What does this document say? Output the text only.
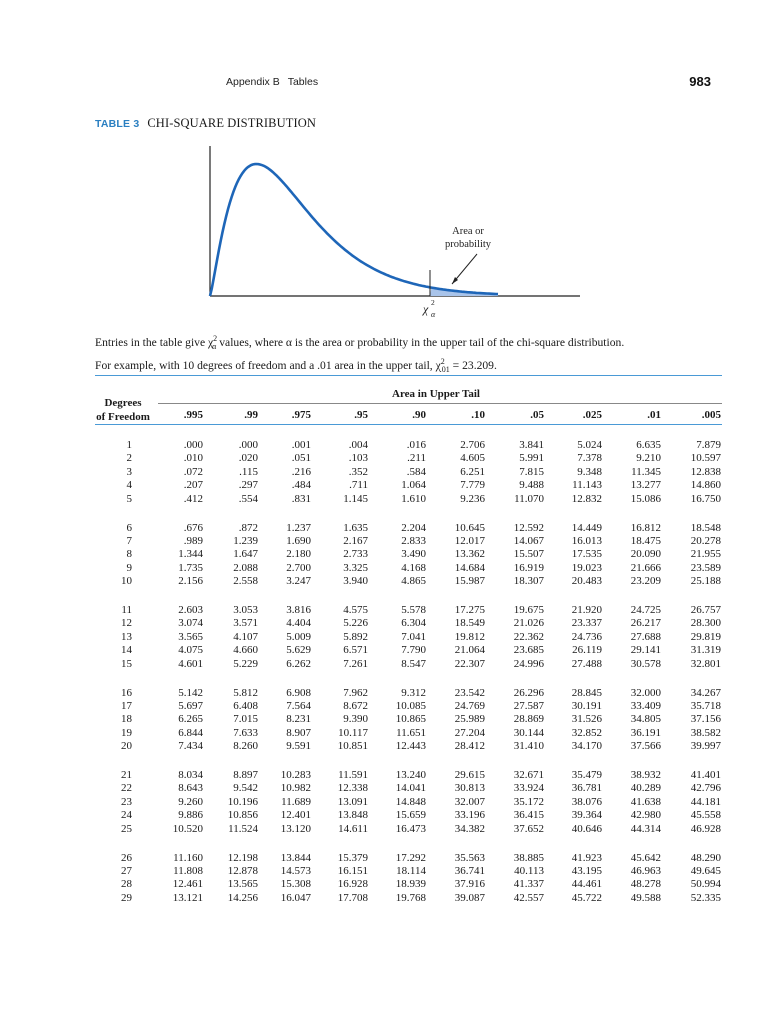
Appendix B Tables	983
TABLE 3 CHI-SQUARE DISTRIBUTION
Area or
probability
χ 2
α
Entries in the table give $\chi^2_\alpha$ values, where α is the area or probability in the upper tail of the chi-square distribution.
For example, with 10 degrees of freedom and a .01 area in the upper tail, $\chi^2_{.01} = 23.209$.
Area in Upper Tail
Degrees
of Freedom	.995	.99	.975	.95	.90	.10	.05	.025	.01	.005
1	.000	.000	.001	.004	.016	2.706	3.841	5.024	6.635	7.879
2	.010	.020	.051	.103	.211	4.605	5.991	7.378	9.210	10.597
3	.072	.115	.216	.352	.584	6.251	7.815	9.348	11.345	12.838
4	.207	.297	.484	.711	1.064	7.779	9.488	11.143	13.277	14.860
5	.412	.554	.831	1.145	1.610	9.236	11.070	12.832	15.086	16.750
6	.676	.872	1.237	1.635	2.204	10.645	12.592	14.449	16.812	18.548
7	.989	1.239	1.690	2.167	2.833	12.017	14.067	16.013	18.475	20.278
8	1.344	1.647	2.180	2.733	3.490	13.362	15.507	17.535	20.090	21.955
9	1.735	2.088	2.700	3.325	4.168	14.684	16.919	19.023	21.666	23.589
10	2.156	2.558	3.247	3.940	4.865	15.987	18.307	20.483	23.209	25.188
11	2.603	3.053	3.816	4.575	5.578	17.275	19.675	21.920	24.725	26.757
12	3.074	3.571	4.404	5.226	6.304	18.549	21.026	23.337	26.217	28.300
13	3.565	4.107	5.009	5.892	7.041	19.812	22.362	24.736	27.688	29.819
14	4.075	4.660	5.629	6.571	7.790	21.064	23.685	26.119	29.141	31.319
15	4.601	5.229	6.262	7.261	8.547	22.307	24.996	27.488	30.578	32.801
16	5.142	5.812	6.908	7.962	9.312	23.542	26.296	28.845	32.000	34.267
17	5.697	6.408	7.564	8.672	10.085	24.769	27.587	30.191	33.409	35.718
18	6.265	7.015	8.231	9.390	10.865	25.989	28.869	31.526	34.805	37.156
19	6.844	7.633	8.907	10.117	11.651	27.204	30.144	32.852	36.191	38.582
20	7.434	8.260	9.591	10.851	12.443	28.412	31.410	34.170	37.566	39.997
21	8.034	8.897	10.283	11.591	13.240	29.615	32.671	35.479	38.932	41.401
22	8.643	9.542	10.982	12.338	14.041	30.813	33.924	36.781	40.289	42.796
23	9.260	10.196	11.689	13.091	14.848	32.007	35.172	38.076	41.638	44.181
24	9.886	10.856	12.401	13.848	15.659	33.196	36.415	39.364	42.980	45.558
25	10.520	11.524	13.120	14.611	16.473	34.382	37.652	40.646	44.314	46.928
26	11.160	12.198	13.844	15.379	17.292	35.563	38.885	41.923	45.642	48.290
27	11.808	12.878	14.573	16.151	18.114	36.741	40.113	43.195	46.963	49.645
28	12.461	13.565	15.308	16.928	18.939	37.916	41.337	44.461	48.278	50.994
29	13.121	14.256	16.047	17.708	19.768	39.087	42.557	45.722	49.588	52.335
